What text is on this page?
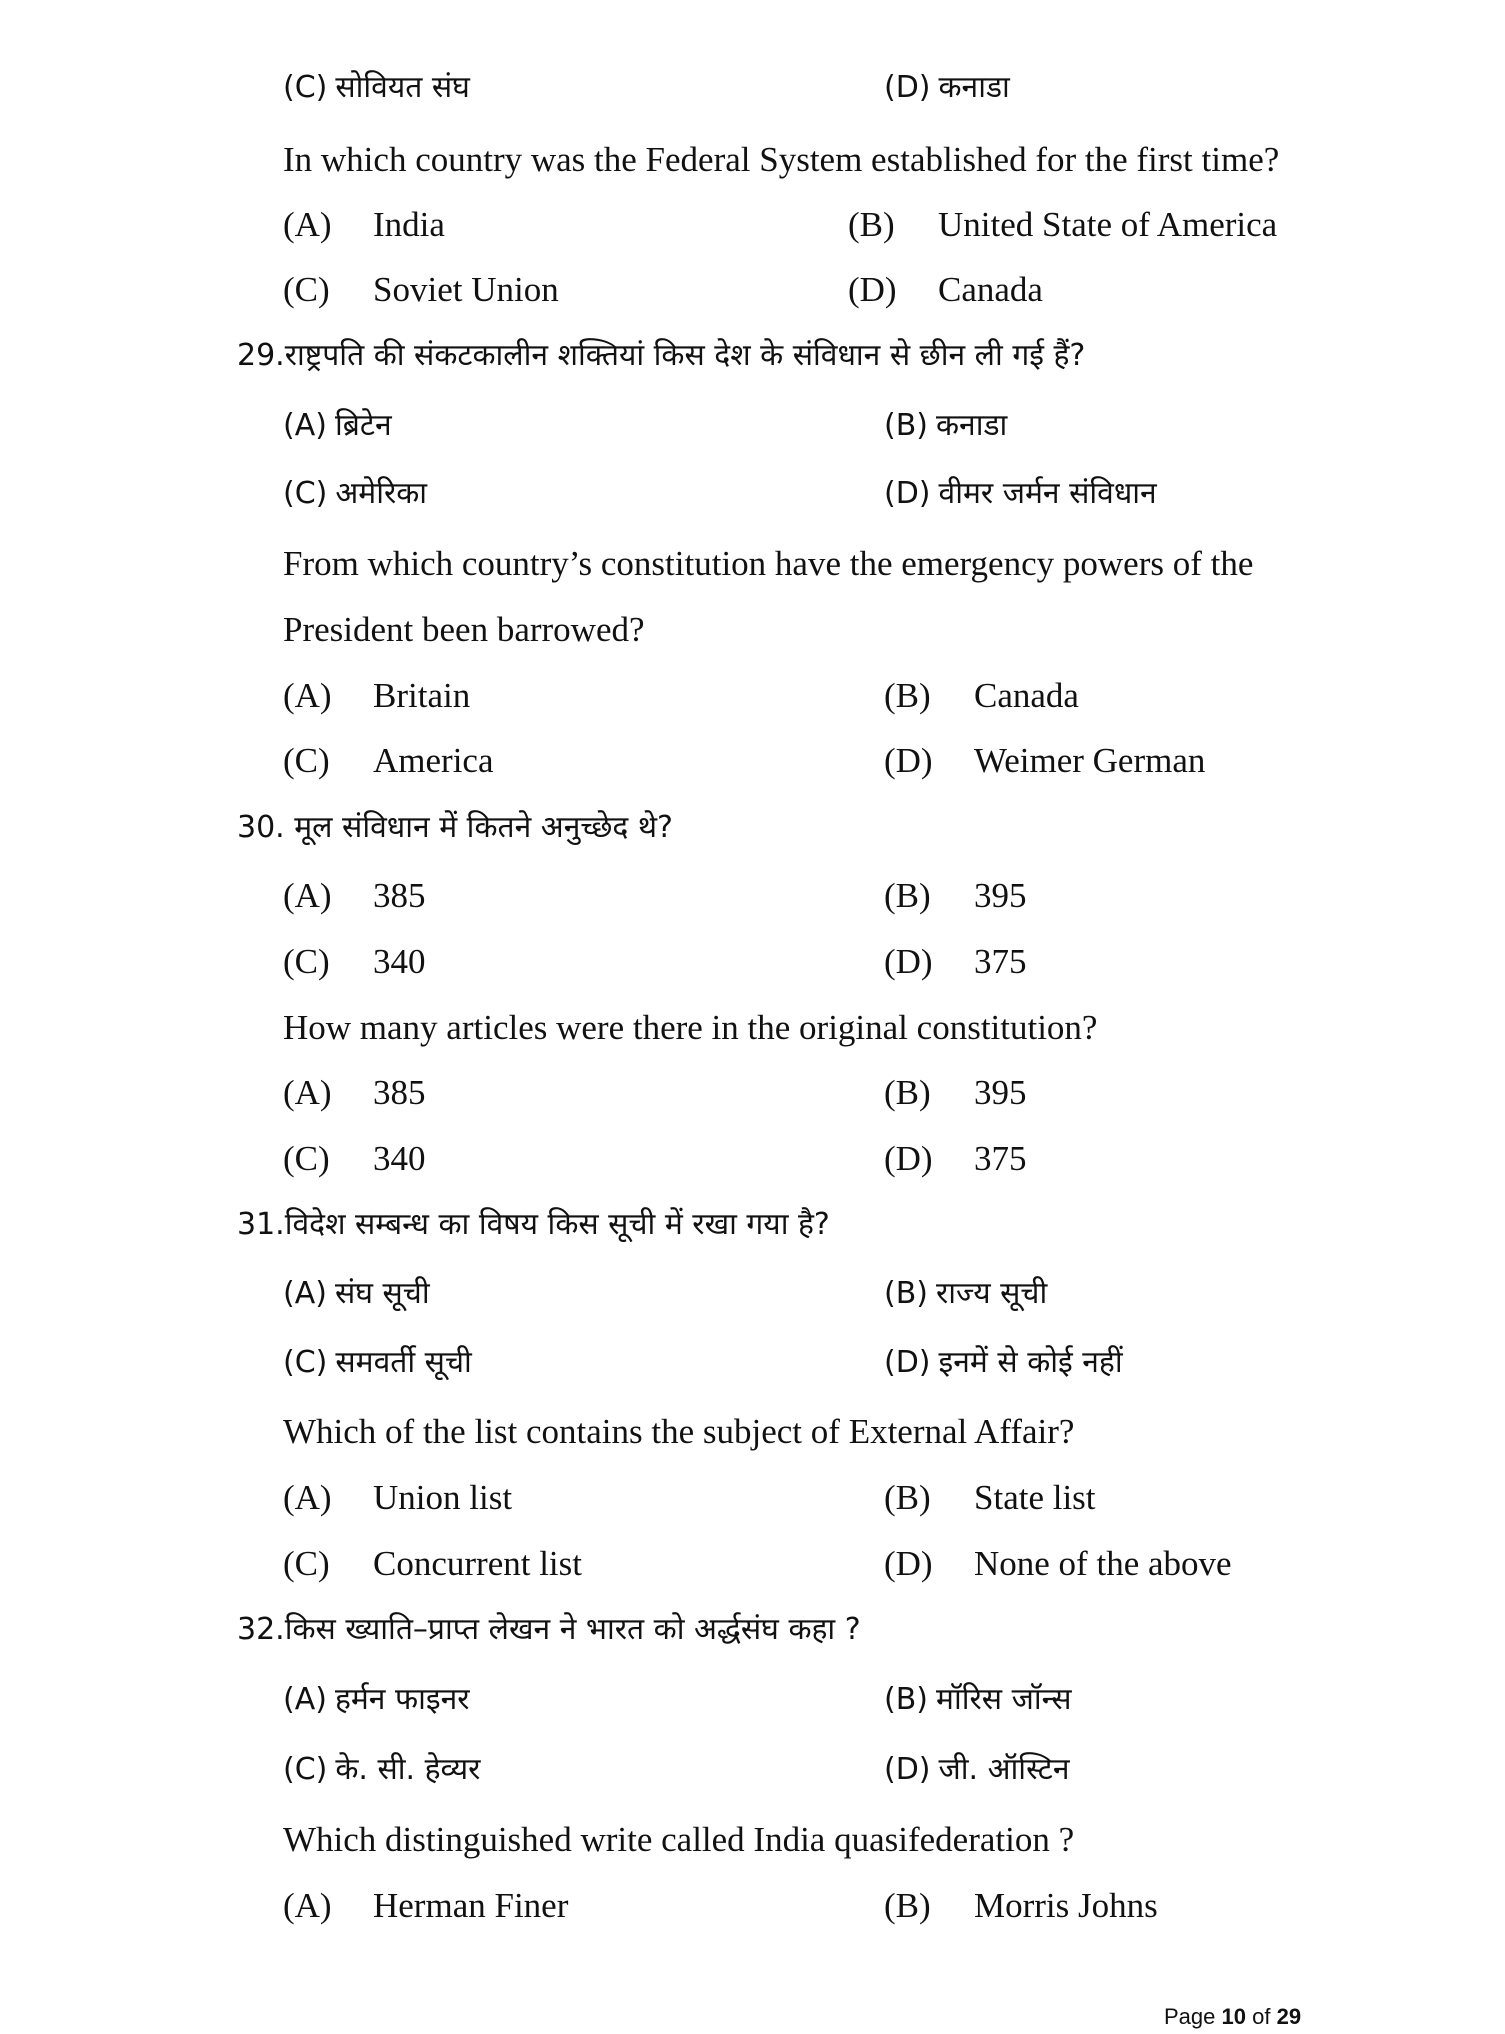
(C) सोवियत संघ	(D) कनाडा
In which country was the Federal System established for the first time?
(A) India	(B) United State of America
(C) Soviet Union	(D) Canada
29.राष्ट्रपति की संकटकालीन शक्तियां किस देश के संविधान से छीन ली गई हैं?
(A) ब्रिटेन	(B) कनाडा
(C) अमेरिका	(D) वीमर जर्मन संविधान
From which country’s constitution have the emergency powers of the
President been barrowed?
(A) Britain	(B) Canada
(C) America	(D) Weimer German
30. मूल संविधान में कितने अनुच्छेद थे?
(A) 385	(B) 395
(C) 340	(D) 375
How many articles were there in the original constitution?
(A) 385	(B) 395
(C) 340	(D) 375
31.विदेश सम्बन्ध का विषय किस सूची में रखा गया है?
(A) संघ सूची	(B) राज्य सूची
(C) समवर्ती सूची	(D) इनमें से कोई नहीं
Which of the list contains the subject of External Affair?
(A) Union list	(B) State list
(C) Concurrent list	(D) None of the above
32.किस ख्याति–प्राप्त लेखन ने भारत को अर्द्धसंघ कहा ?
(A) हर्मन फाइनर	(B) मॉरिस जॉन्स
(C) के. सी. हेव्यर	(D) जी. ऑस्टिन
Which distinguished write called India quasifederation ?
(A) Herman Finer	(B) Morris Johns
Page 10 of 29
